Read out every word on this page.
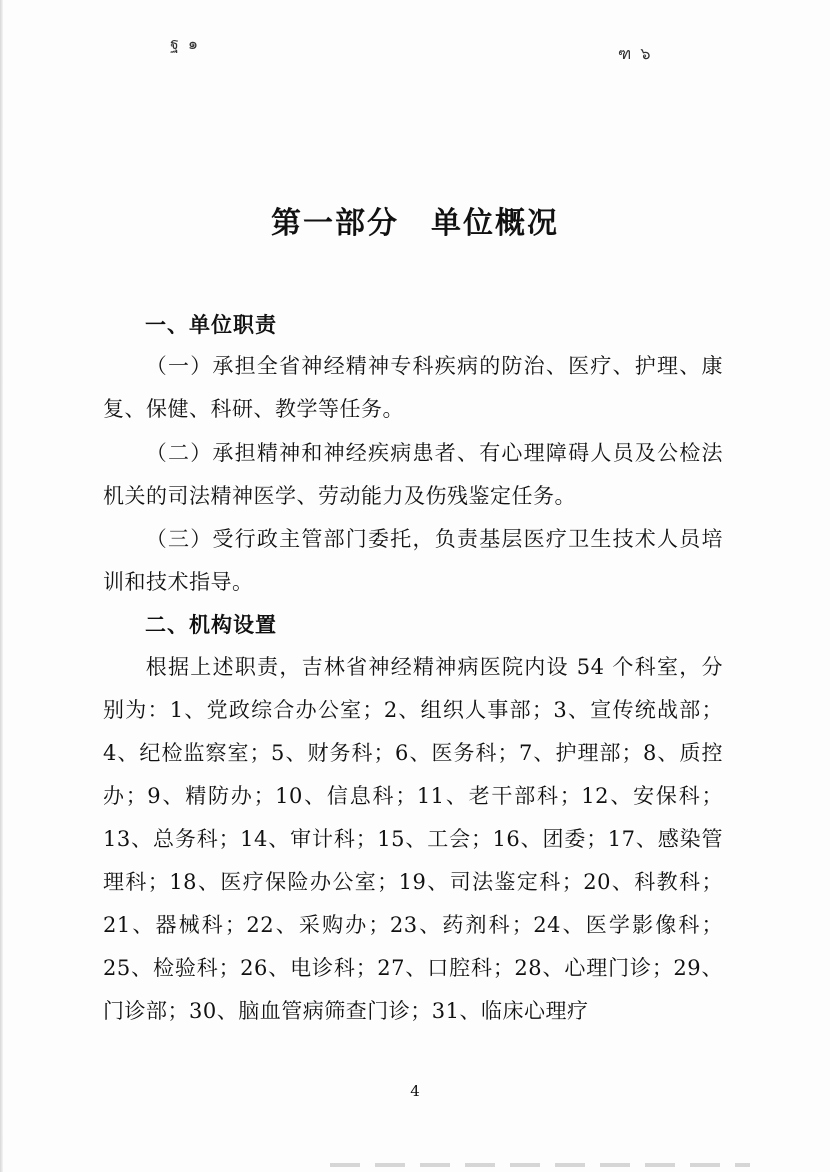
ฐ ๑
ฑ ๖
第一部分　单位概况
一、单位职责
（一）承担全省神经精神专科疾病的防治、医疗、护理、康复、保健、科研、教学等任务。
（二）承担精神和神经疾病患者、有心理障碍人员及公检法机关的司法精神医学、劳动能力及伤残鉴定任务。
（三）受行政主管部门委托，负责基层医疗卫生技术人员培训和技术指导。
二、机构设置
根据上述职责，吉林省神经精神病医院内设 54 个科室，分别为：1、党政综合办公室；2、组织人事部；3、宣传统战部；4、纪检监察室；5、财务科；6、医务科；7、护理部；8、质控办；9、精防办；10、信息科；11、老干部科；12、安保科；13、总务科；14、审计科；15、工会；16、团委；17、感染管理科；18、医疗保险办公室；19、司法鉴定科；20、科教科；21、器械科；22、采购办；23、药剂科；24、医学影像科；25、检验科；26、电诊科；27、口腔科；28、心理门诊；29、门诊部；30、脑血管病筛查门诊；31、临床心理疗
4
